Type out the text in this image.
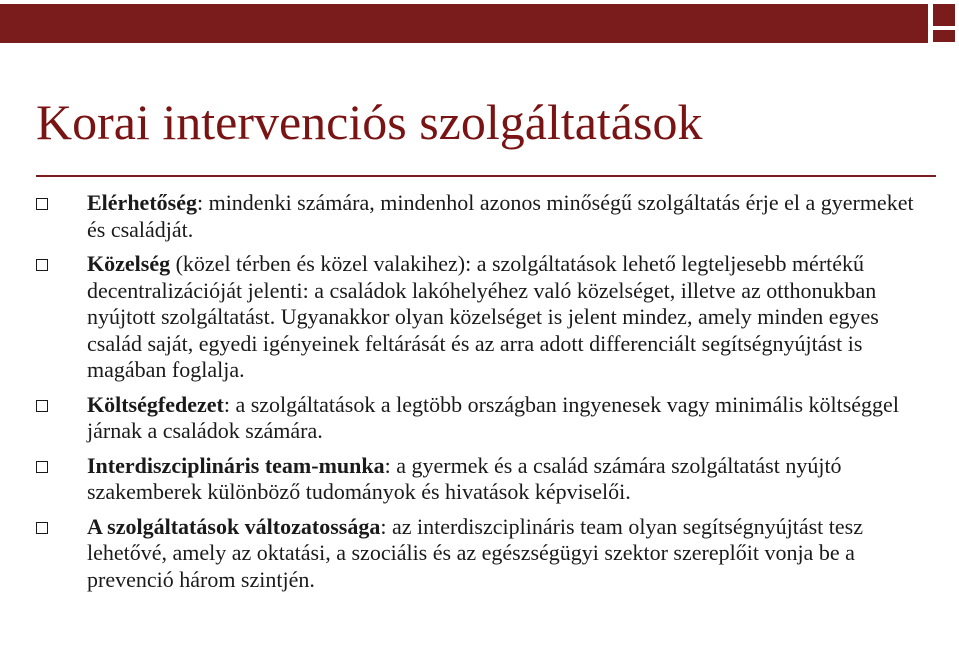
Korai intervenciós szolgáltatások
Elérhetőség: mindenki számára, mindenhol azonos minőségű szolgáltatás érje el a gyermeket és családját.
Közelség (közel térben és közel valakihez): a szolgáltatások lehető legteljesebb mértékű decentralizációját jelenti: a családok lakóhelyéhez való közelséget, illetve az otthonukban nyújtott szolgáltatást. Ugyanakkor olyan közelséget is jelent mindez, amely minden egyes család saját, egyedi igényeinek feltárását és az arra adott differenciált segítségnyújtást is magában foglalja.
Költségfedezet: a szolgáltatások a legtöbb országban ingyenesek vagy minimális költséggel járnak a családok számára.
Interdiszciplináris team-munka: a gyermek és a család számára szolgáltatást nyújtó szakemberek különböző tudományok és hivatások képviselői.
A szolgáltatások változatossága: az interdiszciplináris team olyan segítségnyújtást tesz lehetővé, amely az oktatási, a szociális és az egészségügyi szektor szereplőit vonja be a prevenció három szintjén.
